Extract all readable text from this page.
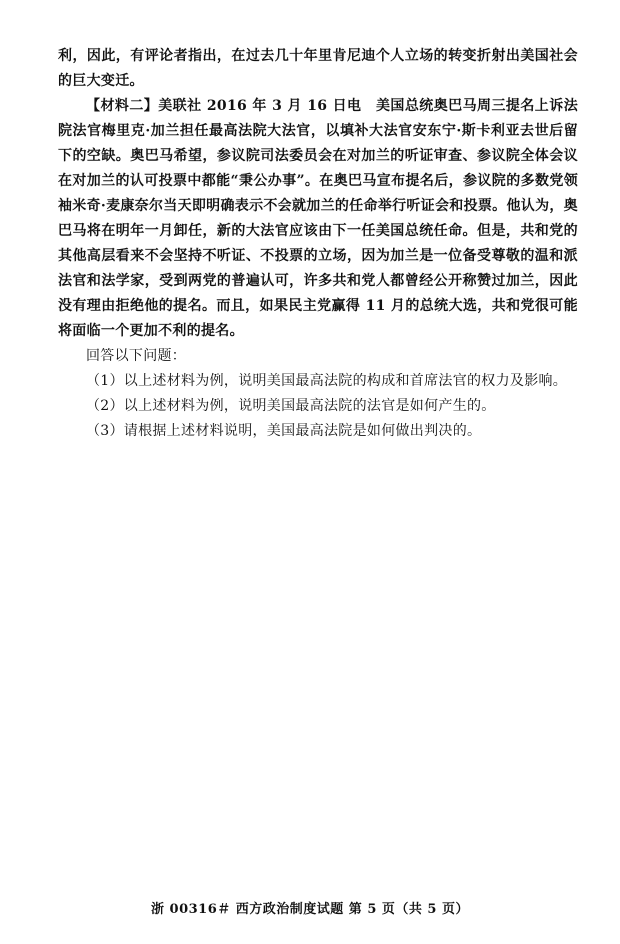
利，因此，有评论者指出，在过去几十年里肯尼迪个人立场的转变折射出美国社会的巨大变迁。

【材料二】美联社 2016 年 3 月 16 日电　美国总统奥巴马周三提名上诉法院法官梅里克·加兰担任最高法院大法官，以填补大法官安东宁·斯卡利亚去世后留下的空缺。奥巴马希望，参议院司法委员会在对加兰的听证审查、参议院全体会议在对加兰的认可投票中都能“秉公办事”。在奥巴马宣布提名后，参议院的多数党领袖米奇·麦康奈尔当天即明确表示不会就加兰的任命举行听证会和投票。他认为，奥巴马将在明年一月卸任，新的大法官应该由下一任美国总统任命。但是，共和党的其他高层看来不会坚持不听证、不投票的立场，因为加兰是一位备受尊敬的温和派法官和法学家，受到两党的普遍认可，许多共和党人都曾经公开称赞过加兰，因此没有理由拒绝他的提名。而且，如果民主党赢得 11 月的总统大选，共和党很可能将面临一个更加不利的提名。

回答以下问题：

（1）以上述材料为例，说明美国最高法院的构成和首席法官的权力及影响。

（2）以上述材料为例，说明美国最高法院的法官是如何产生的。

（3）请根据上述材料说明，美国最高法院是如何做出判决的。

浙 00316＃ 西方政治制度试题 第 5 页（共 5 页）
